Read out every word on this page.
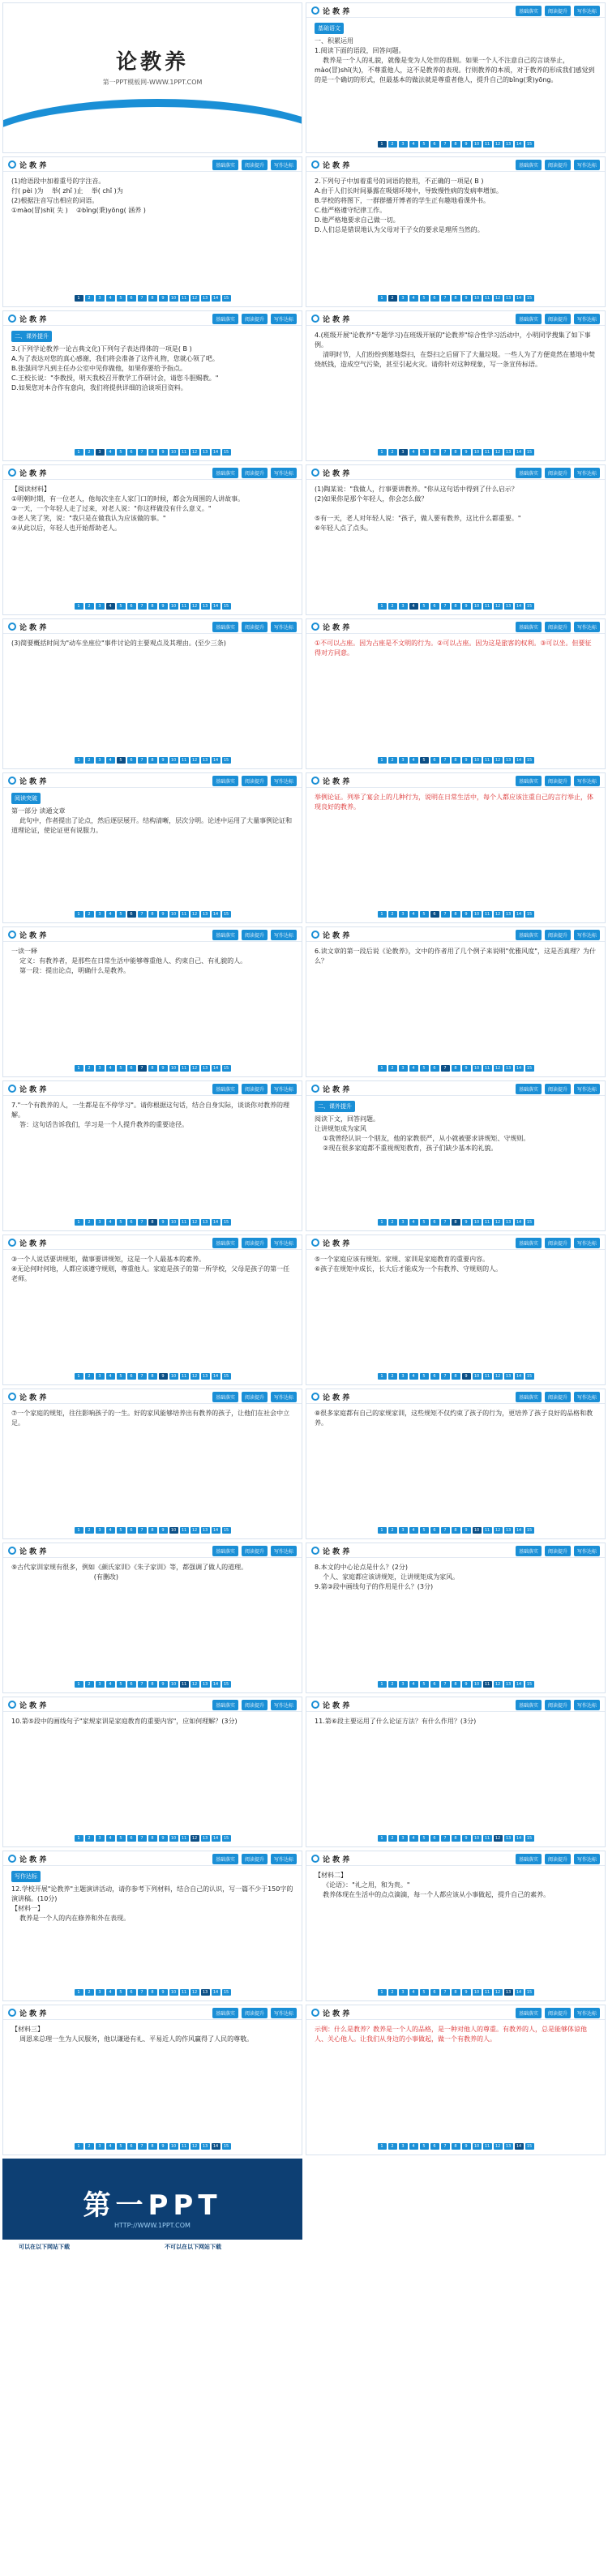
论教养
第一PPT模板网-WWW.1PPT.COM
论 教 养	基础落实	阅读提升	写作达标
基础语文
一、积累运用
1.阅读下面的语段，回答问题。
教养是一个人的礼貌，就像是变为人处世的准则。如果一个人不注意自己的言谈举止，mào(冒)shī(失)，不尊重他人，这不是教养的表现。行则教养的本质，对于教养的形成我们感觉到的是一个确切的形式，但最基本的做法就是尊重者他人，提升自己的bǐng(秉)yōng。
1	2	3	4	5	6	7	8	9	10	11	12	13	14	15
论 教 养	基础落实	阅读提升	写作达标
(1)给语段中加着重号的字注音。
行( pèi )为    举( zhǐ )止    举( chǐ )为
(2)根据注音写出相应的词语。
①mào(冒)shī( 失 )    ②bǐng(秉)yōng( 涵养 )
1	2	3	4	5	6	7	8	9	10	11	12	13	14	15
论 教 养	基础落实	阅读提升	写作达标
2.下列句子中加着重号的词语的使用，不正确的一项是( B )
A.由于人们长时间暴露在吸烟环境中，导致慢性病的发病率增加。
B.学校的将图下，一群群播开博者的学生正有趣地看课外书。
C.他严格遵守纪律工作。
D.他严格地要求自己做一切。
D.人们总是错误地认为父母对于子女的要求是理所当然的。
1	2	3	4	5	6	7	8	9	10	11	12	13	14	15
论 教 养	基础落实	阅读提升	写作达标
二、课外提升
3.(下列学论教养一论古典文化)下列句子表达得体的一项是( B )
A.为了表达对您的真心感谢，我们将会准备了这件礼物，您就心领了吧。
B.张强同学凡到主任办公室中见你做他，如果你要给予指点。
C.王校长说："李教授，明天我校召开教学工作研讨会，请您斗胆赐教。"
D.如果您对本合作有意向，我们将提供详细的洽谈项目资料。
1	2	3	4	5	6	7	8	9	10	11	12	13	14	15
论 教 养	基础落实	阅读提升	写作达标
4.(班级开展"论教养"专题学习)在班级开展的"论教养"综合性学习活动中，小明同学搜集了如下事例。
清明时节，人们纷纷到墓地祭扫，在祭扫之后留下了大量垃圾。一些人为了方便竟然在墓地中焚烧纸钱，造成空气污染，甚至引起火灾。请你针对这种现象，写一条宣传标语。
1	2	3	4	5	6	7	8	9	10	11	12	13	14	15
论 教 养	基础落实	阅读提升	写作达标
【阅读材料】
①明朝时期，有一位老人，他每次坐在人家门口的时候，都会为周围的人讲故事。
②一天，一个年轻人走了过来，对老人说："你这样做没有什么意义。"
③老人笑了笑，说："我只是在做我认为应该做的事。"
④从此以后，年轻人也开始帮助老人。
1	2	3	4	5	6	7	8	9	10	11	12	13	14	15
论 教 养	基础落实	阅读提升	写作达标
(1)陶某说："我做人，行事要讲教养。"你从这句话中得到了什么启示？
(2)如果你是那个年轻人，你会怎么做？

⑤有一天，老人对年轻人说："孩子，做人要有教养，这比什么都重要。"
⑥年轻人点了点头。
1	2	3	4	5	6	7	8	9	10	11	12	13	14	15
论 教 养	基础落实	阅读提升	写作达标
(3)简要概括时间为"动车坐座位"事件讨论的主要观点及其理由。(至少三条)
1	2	3	4	5	6	7	8	9	10	11	12	13	14	15
论 教 养	基础落实	阅读提升	写作达标
①不可以占座。因为占座是不文明的行为。②可以占座。因为这是旅客的权利。③可以坐。但要征得对方同意。
1	2	3	4	5	6	7	8	9	10	11	12	13	14	15
论 教 养	基础落实	阅读提升	写作达标
阅读突破
第一部分 读通文章
此句中，作者提出了论点，然后逐层展开。结构清晰，层次分明。论述中运用了大量事例论证和道理论证，使论证更有说服力。
1	2	3	4	5	6	7	8	9	10	11	12	13	14	15
论 教 养	基础落实	阅读提升	写作达标
举例论证。列举了宴会上的几种行为，说明在日常生活中，每个人都应该注重自己的言行举止，体现良好的教养。
1	2	3	4	5	6	7	8	9	10	11	12	13	14	15
论 教 养	基础落实	阅读提升	写作达标
一读一释
定义：有教养者，是那些在日常生活中能够尊重他人、约束自己、有礼貌的人。
第一段：提出论点，明确什么是教养。
1	2	3	4	5	6	7	8	9	10	11	12	13	14	15
论 教 养	基础落实	阅读提升	写作达标
6.读文章的第一段后说《论教养》，文中的作者用了几个例子来说明"优雅风度"，这是否真理？为什么？
1	2	3	4	5	6	7	8	9	10	11	12	13	14	15
论 教 养	基础落实	阅读提升	写作达标
7."一个有教养的人，一生都是在不停学习"。请你根据这句话，结合自身实际，谈谈你对教养的理解。
答：这句话告诉我们，学习是一个人提升教养的重要途径。
1	2	3	4	5	6	7	8	9	10	11	12	13	14	15
论 教 养	基础落实	阅读提升	写作达标
二、课外提升
阅读下文，回答问题。
让讲规矩成为家风
①我曾经认识一个朋友，他的家教很严，从小就被要求讲规矩、守规则。
②现在很多家庭都不重视规矩教育，孩子们缺少基本的礼貌。
1	2	3	4	5	6	7	8	9	10	11	12	13	14	15
论 教 养	基础落实	阅读提升	写作达标
③一个人说话要讲规矩，做事要讲规矩，这是一个人最基本的素养。
④无论何时何地，人都应该遵守规则，尊重他人。家庭是孩子的第一所学校，父母是孩子的第一任老师。
1	2	3	4	5	6	7	8	9	10	11	12	13	14	15
论 教 养	基础落实	阅读提升	写作达标
⑤一个家庭应该有规矩。家规、家训是家庭教育的重要内容。
⑥孩子在规矩中成长，长大后才能成为一个有教养、守规则的人。
1	2	3	4	5	6	7	8	9	10	11	12	13	14	15
论 教 养	基础落实	阅读提升	写作达标
⑦一个家庭的规矩，往往影响孩子的一生。好的家风能够培养出有教养的孩子，让他们在社会中立足。
1	2	3	4	5	6	7	8	9	10	11	12	13	14	15
论 教 养	基础落实	阅读提升	写作达标
⑧很多家庭都有自己的家规家训，这些规矩不仅约束了孩子的行为，更培养了孩子良好的品格和教养。
1	2	3	4	5	6	7	8	9	10	11	12	13	14	15
论 教 养	基础落实	阅读提升	写作达标
⑨古代家训家规有很多，例如《颜氏家训》《朱子家训》等，都强调了做人的道理。
(有删改)
1	2	3	4	5	6	7	8	9	10	11	12	13	14	15
论 教 养	基础落实	阅读提升	写作达标
8.本文的中心论点是什么？(2分)
个人、家庭都应该讲规矩，让讲规矩成为家风。
9.第③段中画线句子的作用是什么？(3分)
1	2	3	4	5	6	7	8	9	10	11	12	13	14	15
论 教 养	基础落实	阅读提升	写作达标
10.第⑤段中的画线句子"家规家训是家庭教育的重要内容"，应如何理解？(3分)
1	2	3	4	5	6	7	8	9	10	11	12	13	14	15
论 教 养	基础落实	阅读提升	写作达标
11.第⑥段主要运用了什么论证方法？有什么作用？(3分)
1	2	3	4	5	6	7	8	9	10	11	12	13	14	15
论 教 养	基础落实	阅读提升	写作达标
写作达标
12.学校开展"论教养"主题演讲活动，请你参考下列材料，结合自己的认识，写一篇不少于150字的演讲稿。(10分)
【材料一】
教养是一个人的内在修养和外在表现。
1	2	3	4	5	6	7	8	9	10	11	12	13	14	15
论 教 养	基础落实	阅读提升	写作达标
【材料二】
《论语》："礼之用，和为贵。"
教养体现在生活中的点点滴滴，每一个人都应该从小事做起，提升自己的素养。
1	2	3	4	5	6	7	8	9	10	11	12	13	14	15
论 教 养	基础落实	阅读提升	写作达标
【材料三】
周恩来总理一生为人民服务，他以谦逊有礼、平易近人的作风赢得了人民的尊敬。
1	2	3	4	5	6	7	8	9	10	11	12	13	14	15
论 教 养	基础落实	阅读提升	写作达标
示例：什么是教养？教养是一个人的品格，是一种对他人的尊重。有教养的人，总是能够体谅他人、关心他人。让我们从身边的小事做起，做一个有教养的人。
1	2	3	4	5	6	7	8	9	10	11	12	13	14	15
第一PPT
HTTP://WWW.1PPT.COM
可以在以下网站下载	不可以在以下网站下载
